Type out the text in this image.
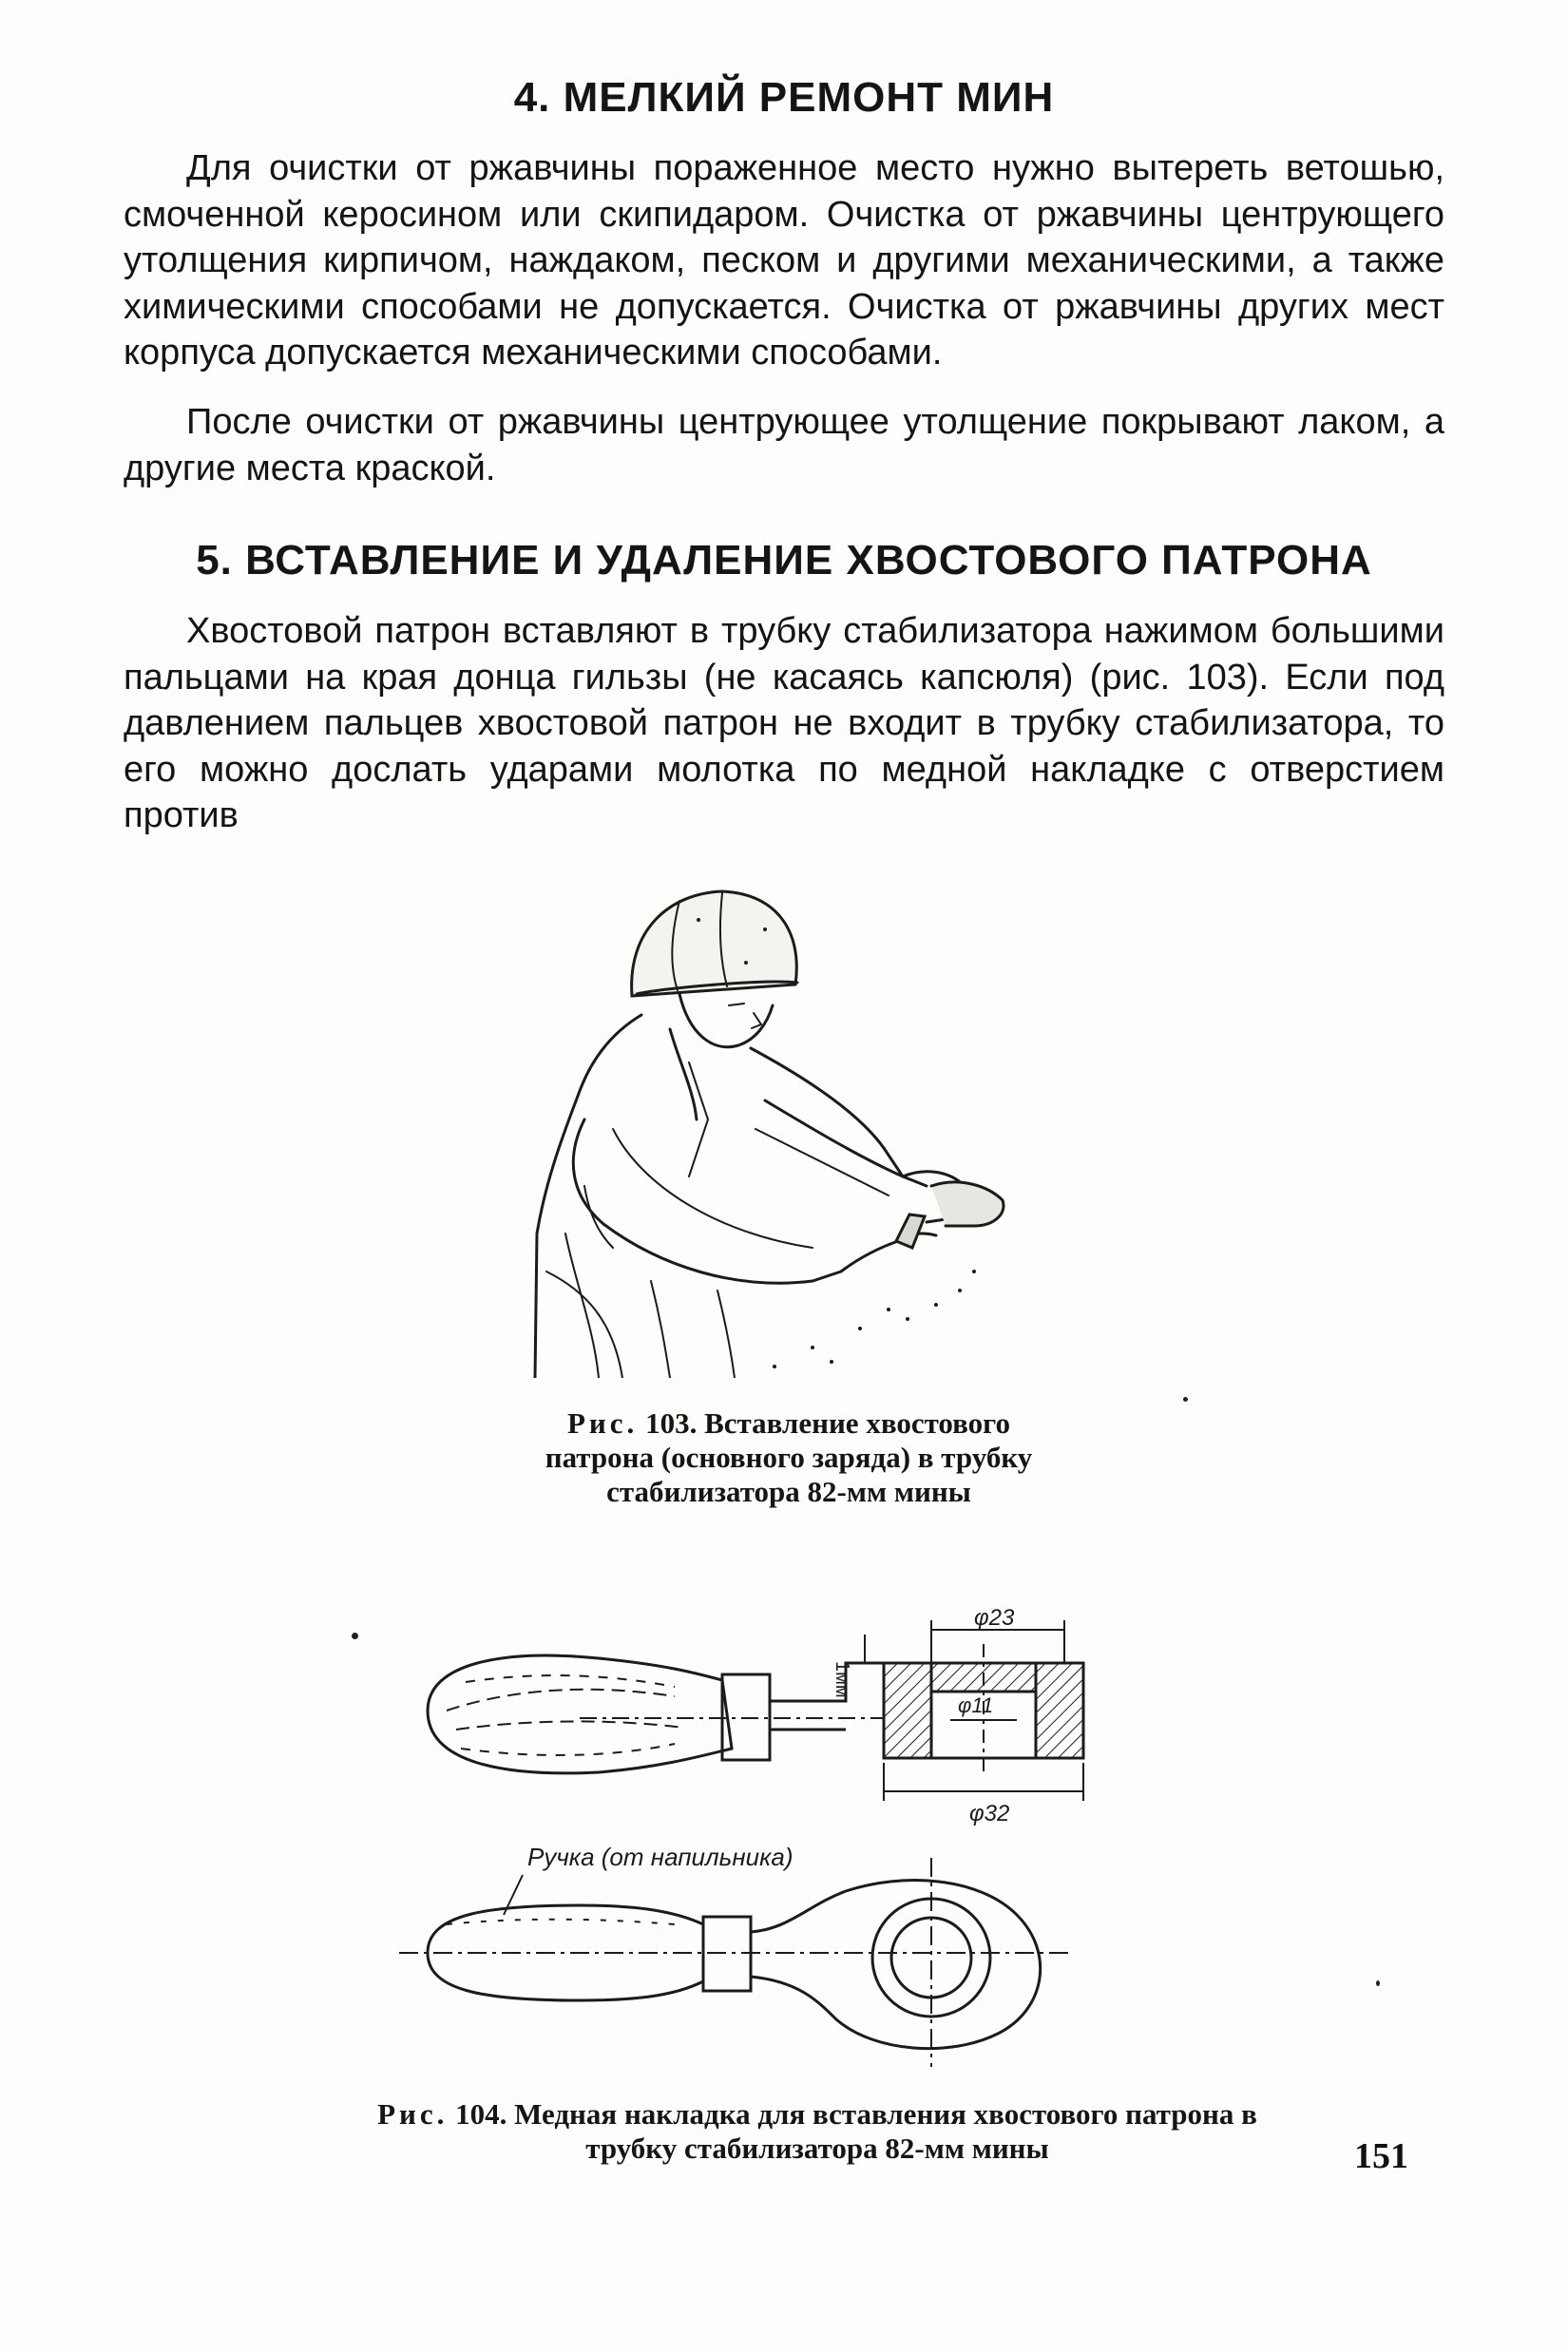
4. МЕЛКИЙ РЕМОНТ МИН

Для очистки от ржавчины пораженное место нужно вытереть ветошью, смоченной керосином или скипидаром. Очистка от ржавчины центрующего утолщения кирпичом, наждаком, песком и другими механическими, а также химическими способами не допускается. Очистка от ржавчины других мест корпуса допускается механическими способами.

После очистки от ржавчины центрующее утолщение покрывают лаком, а другие места краской.

5. ВСТАВЛЕНИЕ И УДАЛЕНИЕ ХВОСТОВОГО ПАТРОНА

Хвостовой патрон вставляют в трубку стабилизатора нажимом большими пальцами на края донца гильзы (не касаясь капсюля) (рис. 103). Если под давлением пальцев хвостовой патрон не входит в трубку стабилизатора, то его можно дослать ударами молотка по медной накладке с отверстием против

Рис. 103. Вставление хвостового патрона (основного заряда) в трубку стабилизатора 82-мм мины

φ23
φ32
φ11
1мм
Ручка (от напильника)

Рис. 104. Медная накладка для вставления хвостового патрона в трубку стабилизатора 82-мм мины	151
